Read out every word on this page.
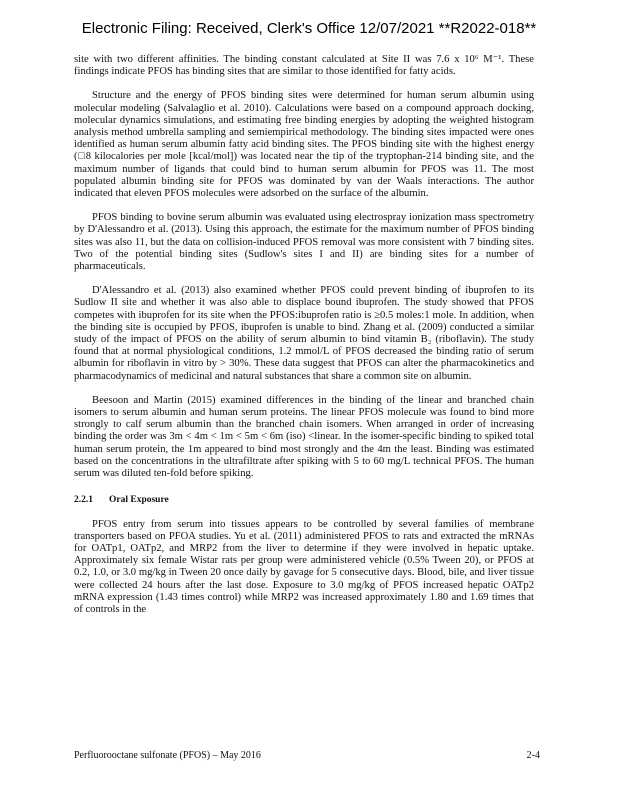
Electronic Filing: Received, Clerk's Office 12/07/2021 **R2022-018**

site with two different affinities. The binding constant calculated at Site II was 7.6 x 10⁶ M⁻¹. These findings indicate PFOS has binding sites that are similar to those identified for fatty acids.

Structure and the energy of PFOS binding sites were determined for human serum albumin using molecular modeling (Salvalaglio et al. 2010). Calculations were based on a compound approach docking, molecular dynamics simulations, and estimating free binding energies by adopting the weighted histogram analysis method umbrella sampling and semiempirical methodology. The binding sites impacted were ones identified as human serum albumin fatty acid binding sites. The PFOS binding site with the highest energy (□8 kilocalories per mole [kcal/mol]) was located near the tip of the tryptophan-214 binding site, and the maximum number of ligands that could bind to human serum albumin for PFOS was 11. The most populated albumin binding site for PFOS was dominated by van der Waals interactions. The author indicated that eleven PFOS molecules were adsorbed on the surface of the albumin.

PFOS binding to bovine serum albumin was evaluated using electrospray ionization mass spectrometry by D'Alessandro et al. (2013). Using this approach, the estimate for the maximum number of PFOS binding sites was also 11, but the data on collision-induced PFOS removal was more consistent with 7 binding sites. Two of the potential binding sites (Sudlow's sites I and II) are binding sites for a number of pharmaceuticals.

D'Alessandro et al. (2013) also examined whether PFOS could prevent binding of ibuprofen to its Sudlow II site and whether it was also able to displace bound ibuprofen. The study showed that PFOS competes with ibuprofen for its site when the PFOS:ibuprofen ratio is ≥0.5 moles:1 mole. In addition, when the binding site is occupied by PFOS, ibuprofen is unable to bind. Zhang et al. (2009) conducted a similar study of the impact of PFOS on the ability of serum albumin to bind vitamin B₂ (riboflavin). The study found that at normal physiological conditions, 1.2 mmol/L of PFOS decreased the binding ratio of serum albumin for riboflavin in vitro by > 30%. These data suggest that PFOS can alter the pharmacokinetics and pharmacodynamics of medicinal and natural substances that share a common site on albumin.

Beesoon and Martin (2015) examined differences in the binding of the linear and branched chain isomers to serum albumin and human serum proteins. The linear PFOS molecule was found to bind more strongly to calf serum albumin than the branched chain isomers. When arranged in order of increasing binding the order was 3m < 4m < 1m < 5m < 6m (iso) <linear. In the isomer-specific binding to spiked total human serum protein, the 1m appeared to bind most strongly and the 4m the least. Binding was estimated based on the concentrations in the ultrafiltrate after spiking with 5 to 60 mg/L technical PFOS. The human serum was diluted ten-fold before spiking.

2.2.1 Oral Exposure

PFOS entry from serum into tissues appears to be controlled by several families of membrane transporters based on PFOA studies. Yu et al. (2011) administered PFOS to rats and extracted the mRNAs for OATp1, OATp2, and MRP2 from the liver to determine if they were involved in hepatic uptake. Approximately six female Wistar rats per group were administered vehicle (0.5% Tween 20), or PFOS at 0.2, 1.0, or 3.0 mg/kg in Tween 20 once daily by gavage for 5 consecutive days. Blood, bile, and liver tissue were collected 24 hours after the last dose. Exposure to 3.0 mg/kg of PFOS increased hepatic OATp2 mRNA expression (1.43 times control) while MRP2 was increased approximately 1.80 and 1.69 times that of controls in the

Perfluorooctane sulfonate (PFOS) – May 2016	2-4
